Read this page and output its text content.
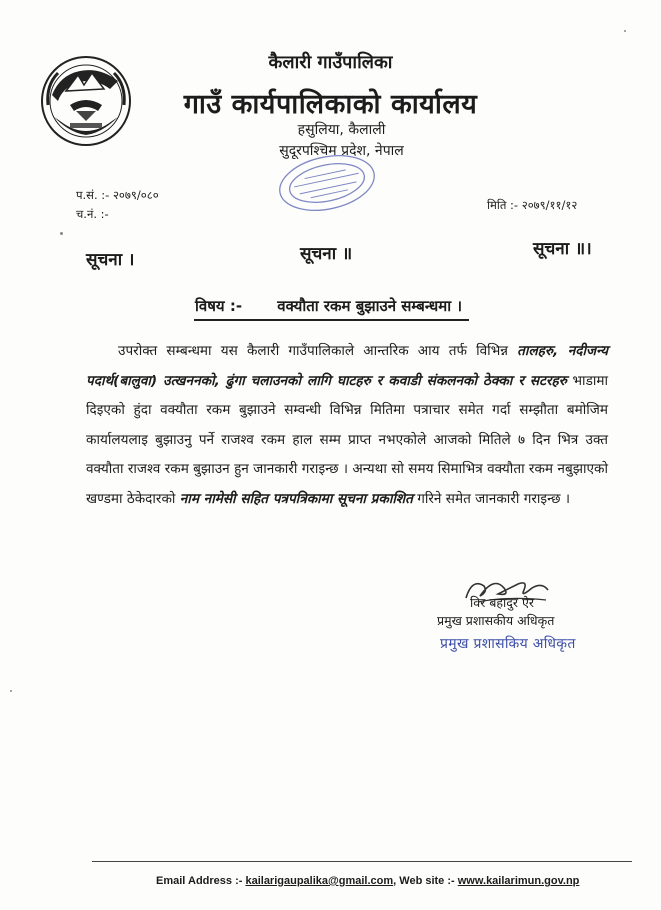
कैलारी गाउँपालिका
गाउँ कार्यपालिकाको कार्यालय
हसुलिया, कैलाली
सुदूरपश्चिम प्रदेश, नेपाल
प.सं. :- २०७९/०८०
च.नं. :-
मिति :- २०७९/११/१२
सूचना ।	सूचना ॥	सूचना ॥।
विषय :- वक्यौता रकम बुझाउने सम्बन्धमा ।

उपरोक्त सम्बन्धमा यस कैलारी गाउँपालिकाले आन्तरिक आय तर्फ विभिन्न तालहरु, नदीजन्य पदार्थ(बालुवा) उत्खननको, ढुंगा चलाउनको लागि घाटहरु र कवाडी संकलनको ठेक्का र सटरहरु भाडामा दिइएको हुंदा वक्यौता रकम बुझाउने सम्वन्धी विभिन्न मितिमा पत्राचार समेत गर्दा सम्झौता बमोजिम कार्यालयलाइ बुझाउनु पर्ने राजश्व रकम हाल सम्म प्राप्त नभएकोले आजको मितिले ७ दिन भित्र उक्त वक्यौता राजश्व रकम बुझाउन हुन जानकारी गराइन्छ । अन्यथा सो समय सिमाभित्र वक्यौता रकम नबुझाएको खण्डमा ठेकेदारको नाम नामेसी सहित पत्रपत्रिकामा सूचना प्रकाशित गरिने समेत जानकारी गराइन्छ ।

विर बहादुर ऐर
प्रमुख प्रशासकीय अधिकृत
प्रमुख प्रशासकिय अधिकृत
Email Address :- kailarigaupalika@gmail.com, Web site :- www.kailarimun.gov.np
